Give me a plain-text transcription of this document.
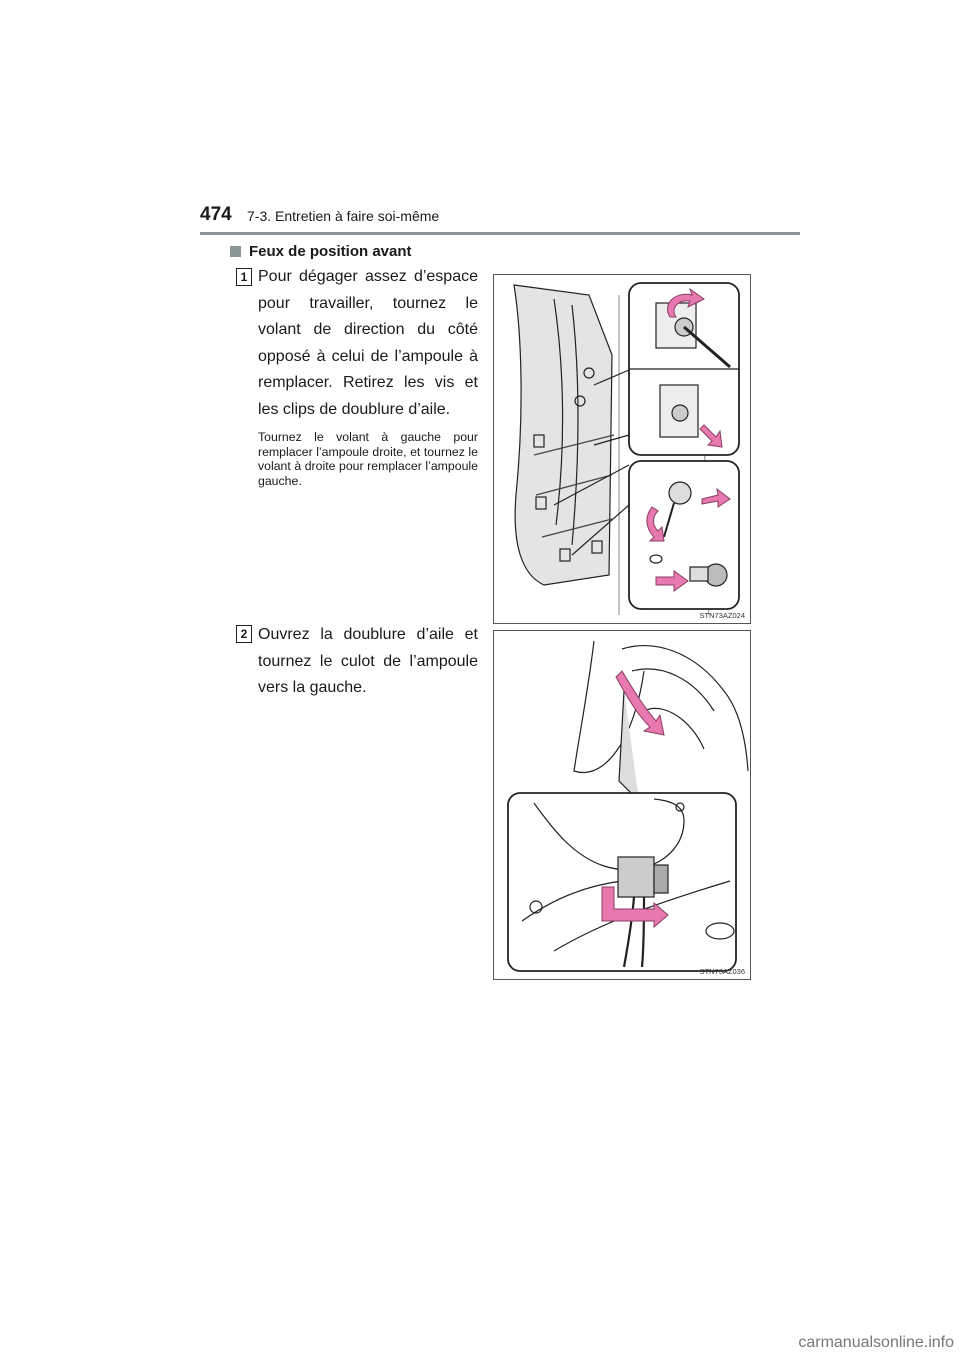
474 7-3. Entretien à faire soi-même
Feux de position avant
1 Pour dégager assez d’espace pour travailler, tournez le volant de direction du côté opposé à celui de l’ampoule à remplacer. Retirez les vis et les clips de doublure d’aile.
Tournez le volant à gauche pour remplacer l’ampoule droite, et tournez le volant à droite pour remplacer l’ampoule gauche.
STN73AZ024
2 Ouvrez la doublure d’aile et tournez le culot de l’ampoule vers la gauche.
STN73AZ036
carmanualsonline.info
